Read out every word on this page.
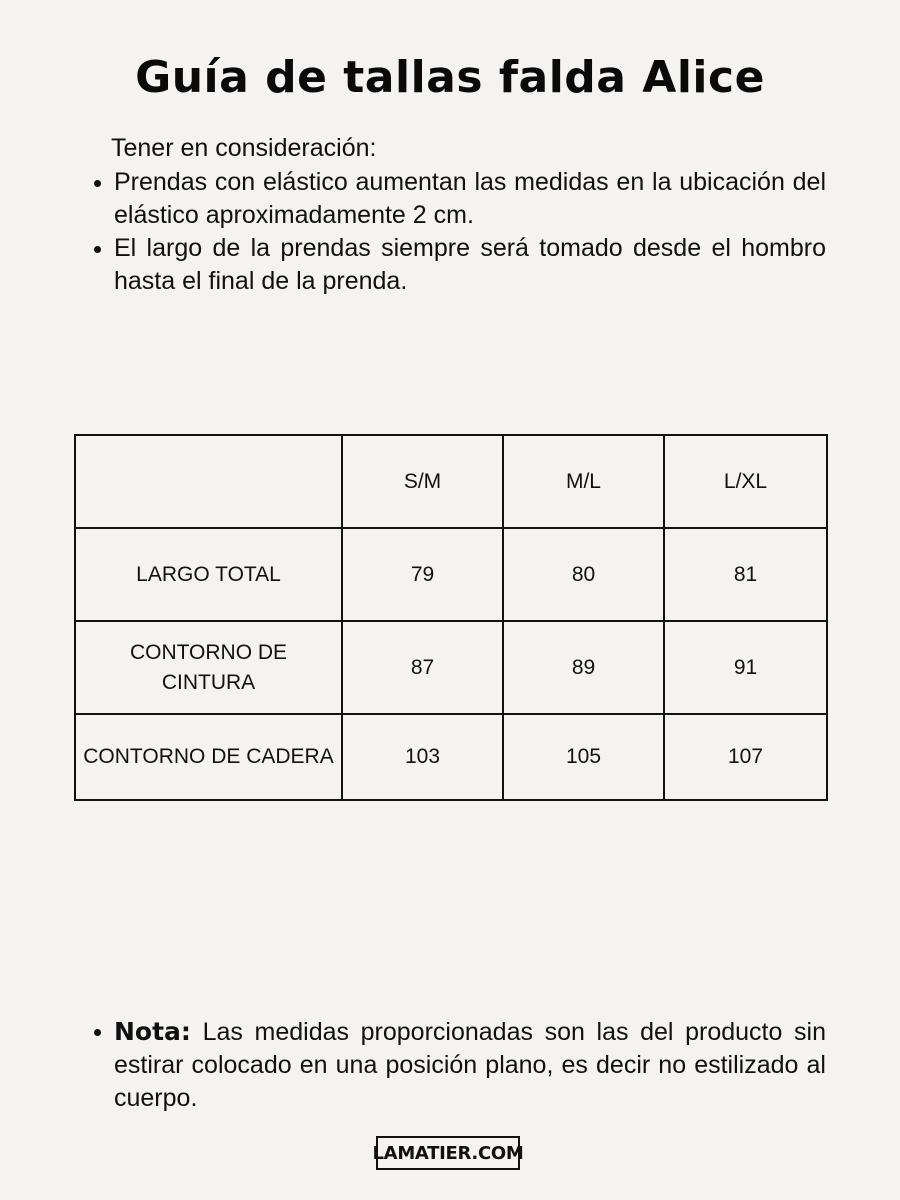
Guía de tallas falda Alice

Tener en consideración:

Prendas con elástico aumentan las medidas en la ubicación del elástico aproximadamente 2 cm.
El largo de la prendas siempre será tomado desde el hombro hasta el final de la prenda.
	S/M	M/L	L/XL
LARGO TOTAL	79	80	81
CONTORNO DE CINTURA	87	89	91
CONTORNO DE CADERA	103	105	107
Nota: Las medidas proporcionadas son las del producto sin estirar colocado en una posición plano, es decir no estilizado al cuerpo.
LAMATIER.COM
